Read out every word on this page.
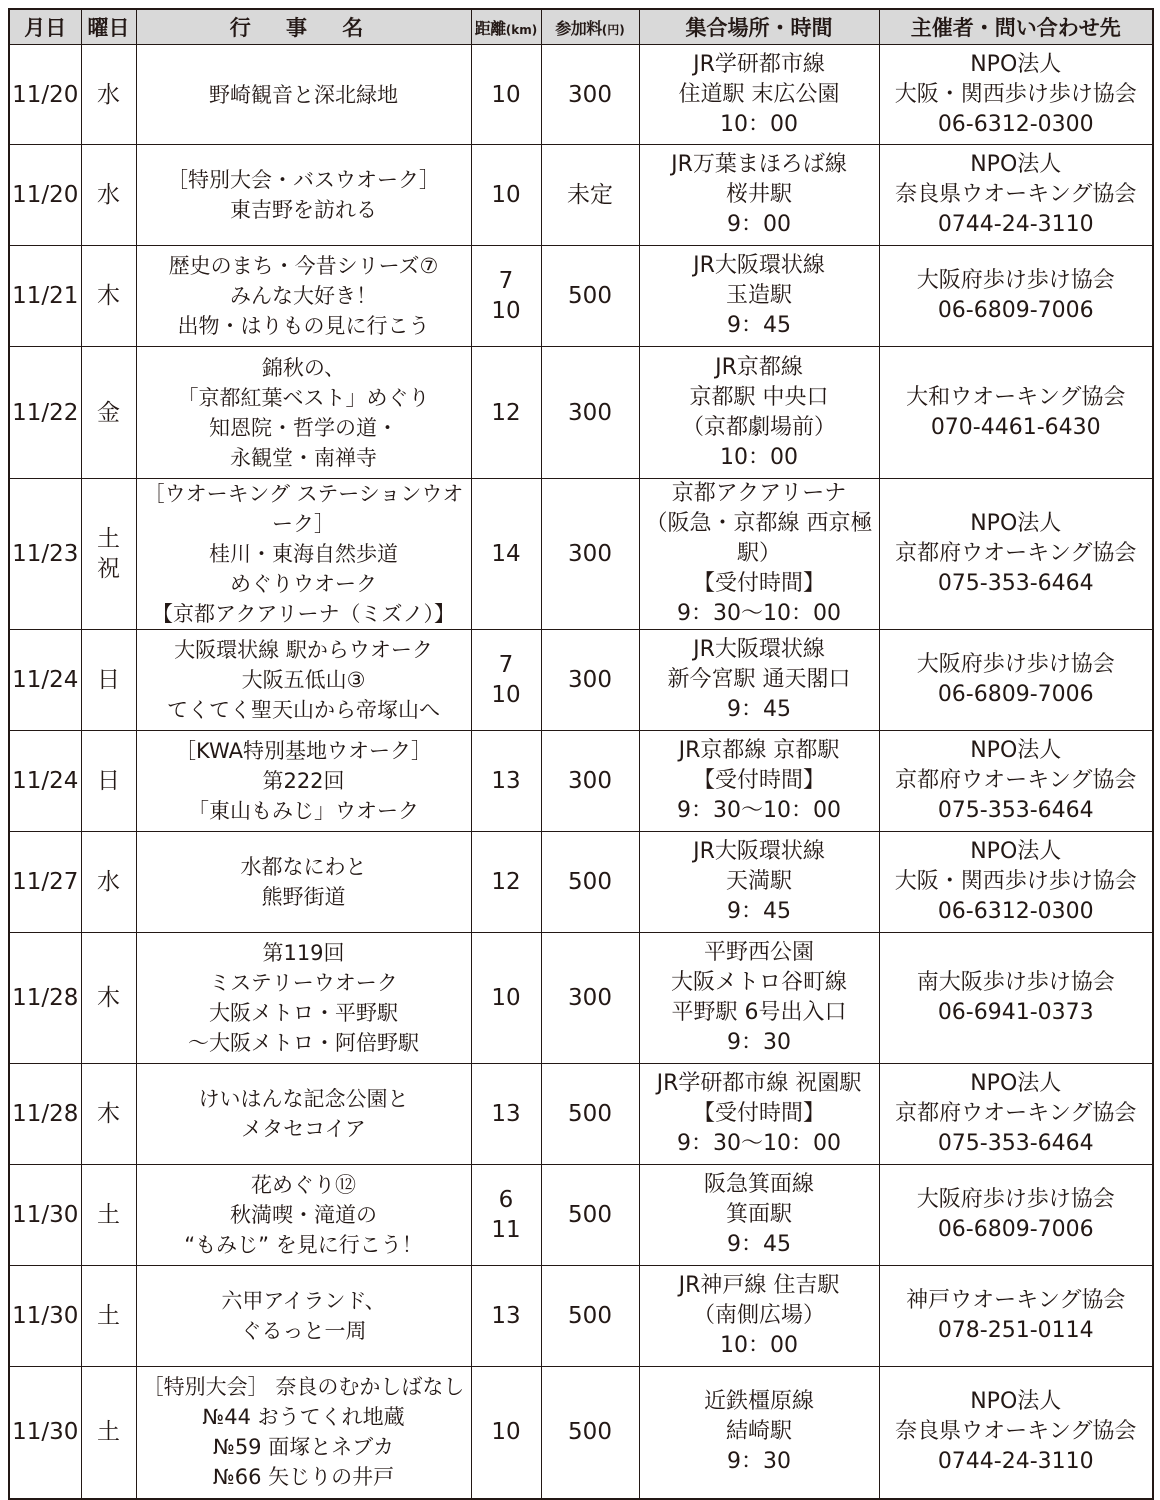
月日	曜日	行 事 名	距離(km)	参加料(円)	集合場所・時間	主催者・問い合わせ先
11/20	水	野崎観音と深北緑地	10	300	JR学研都市線
住道駅 末広公園
10：00	NPO法人
大阪・関西歩け歩け協会
06-6312-0300
11/20	水	［特別大会・バスウオーク］
東吉野を訪れる	10	未定	JR万葉まほろば線
桜井駅
9：00	NPO法人
奈良県ウオーキング協会
0744-24-3110
11/21	木	歴史のまち・今昔シリーズ⑦
みんな大好き！
出物・はりもの見に行こう	7
10	500	JR大阪環状線
玉造駅
9：45	大阪府歩け歩け協会
06-6809-7006
11/22	金	錦秋の、
「京都紅葉ベスト」めぐり
知恩院・哲学の道・
永観堂・南禅寺	12	300	JR京都線
京都駅 中央口
（京都劇場前）
10：00	大和ウオーキング協会
070-4461-6430
11/23	土
祝	［ウオーキング ステーションウオーク］
桂川・東海自然歩道
めぐりウオーク
【京都アクアリーナ（ミズノ）】	14	300	京都アクアリーナ
（阪急・京都線 西京極駅）
【受付時間】
9：30〜10：00	NPO法人
京都府ウオーキング協会
075-353-6464
11/24	日	大阪環状線 駅からウオーク
大阪五低山③
てくてく聖天山から帝塚山へ	7
10	300	JR大阪環状線
新今宮駅 通天閣口
9：45	大阪府歩け歩け協会
06-6809-7006
11/24	日	［KWA特別基地ウオーク］
第222回
「東山もみじ」ウオーク	13	300	JR京都線 京都駅
【受付時間】
9：30〜10：00	NPO法人
京都府ウオーキング協会
075-353-6464
11/27	水	水都なにわと
熊野街道	12	500	JR大阪環状線
天満駅
9：45	NPO法人
大阪・関西歩け歩け協会
06-6312-0300
11/28	木	第119回
ミステリーウオーク
大阪メトロ・平野駅
〜大阪メトロ・阿倍野駅	10	300	平野西公園
大阪メトロ谷町線
平野駅 6号出入口
9：30	南大阪歩け歩け協会
06-6941-0373
11/28	木	けいはんな記念公園と
メタセコイア	13	500	JR学研都市線 祝園駅
【受付時間】
9：30〜10：00	NPO法人
京都府ウオーキング協会
075-353-6464
11/30	土	花めぐり⑫
秋満喫・滝道の
“もみじ” を見に行こう！	6
11	500	阪急箕面線
箕面駅
9：45	大阪府歩け歩け協会
06-6809-7006
11/30	土	六甲アイランド、
ぐるっと一周	13	500	JR神戸線 住吉駅
（南側広場）
10：00	神戸ウオーキング協会
078-251-0114
11/30	土	［特別大会］ 奈良のむかしばなし
№44 おうてくれ地蔵
№59 面塚とネブカ
№66 矢じりの井戸	10	500	近鉄橿原線
結崎駅
9：30	NPO法人
奈良県ウオーキング協会
0744-24-3110
